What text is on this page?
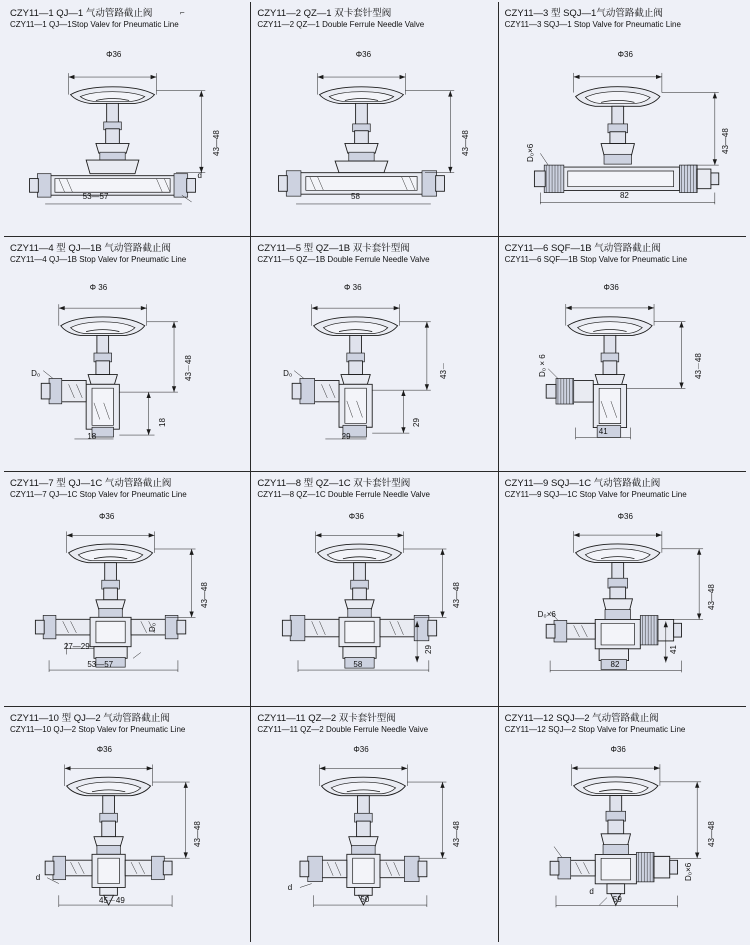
CZY11—1 QJ—1 气动管路截止阀
CZY11—1 QJ—1Stop Valev for Pneumatic Line
Φ36
43—48
53—57
d
⌐	CZY11—2 QZ—1 双卡套针型阀
CZY11—2 QZ—1 Double Ferrule Needle Valve
Φ36
43—48
58
CZY11—3 型 SQJ—1气动管路截止阀
CZY11—3 SQJ—1 Stop Valve for Pneumatic Line
Φ36
43—48
D₀×6
82
CZY11—4 型 QJ—1B 气动管路截止阀
CZY11—4 QJ—1B Stop Valev for Pneumatic Line
Φ 36
43－48
18
D₀
18
CZY11—5 型 QZ—1B 双卡套针型阀
CZY11—5 QZ—1B Double Ferrule Needle Valve
Φ 36
43－
29
D₀
29
CZY11—6 SQF—1B 气动管路截止阀
CZY11—6 SQF—1B Stop Valve for Pneumatic Line
Φ36
43－48
D₀ × 6
41
CZY11—7 型 QJ—1C 气动管路截止阀
CZY11—7 QJ—1C Stop Valev for Pneumatic Line
Φ36
43—48
D₀
27—29
53—57
CZY11—8 型 QZ—1C 双卡套针型阀
CZY11—8 QZ—1C Double Ferrule Needle Valve
Φ36
43—48
29
58
CZY11—9 SQJ—1C 气动管路截止阀
CZY11—9 SQJ—1C Stop Valve for Pneumatic Line
Φ36
43—48
41
D₀×6
82
CZY11—10 型 QJ—2 气动管路截止阀
CZY11—10 QJ—2 Stop Valev for Pneumatic Line
Φ36
43—48
d
45－49
CZY11—11 QZ—2 双卡套针型阀
CZY11—11 QZ—2 Double Ferrule Needle Vaive
Φ36
43—48
d
50
CZY11—12 SQJ—2 气动管路截止阀
CZY11—12 SQJ—2 Stop Valve for Pneumatic Line
Φ36
43—48
D₀×6
d
59
